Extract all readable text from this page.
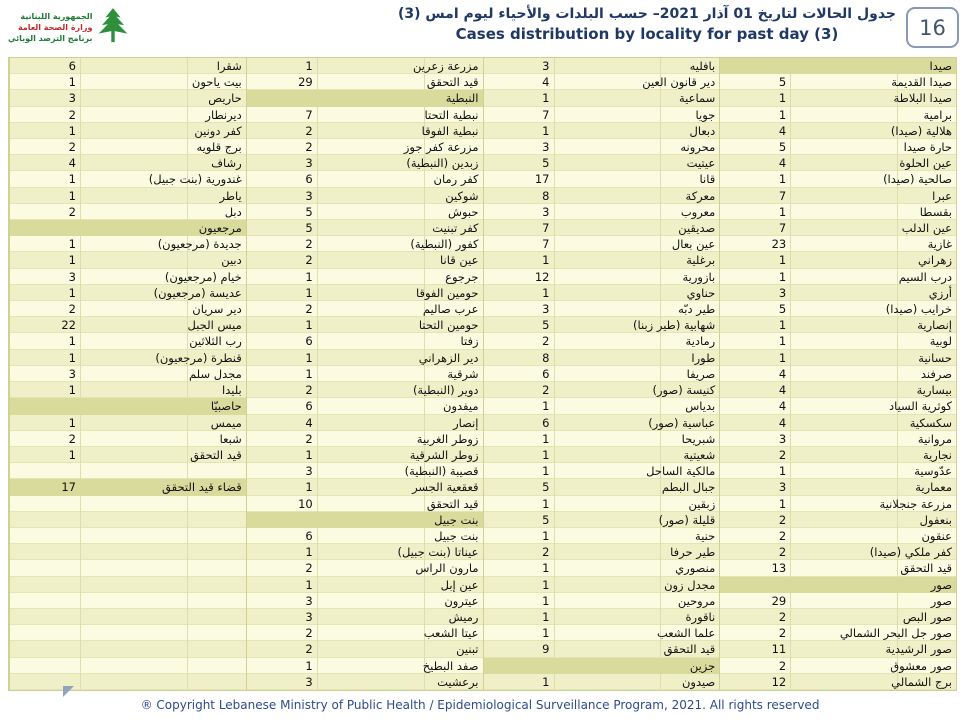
الجمهورية اللبنانية
وزارة الصحة العامة
برنامج الترصد الوبائي
جدول الحالات لتاريخ 01 آذار 2021– حسب البلدات والأحياء ليوم امس (3)
Cases distribution by locality for past day (3)	16
صيدا
5	صيدا القديمة
1	صيدا البلاطة
1	برامية
4	هلالية (صيدا)
5	حارة صيدا
4	عين الحلوة
1	صالحية (صيدا)
7	عبرا
1	بقسطا
7	عين الدلب
23	غازية
1	زهراني
1	درب السيم
3	أرزي
5	خرايب (صيدا)
1	إنصارية
1	لوبية
1	حسانية
4	صرفند
4	بيسارية
4	كوثرية السياد
4	سكسكية
3	مروانية
2	نجارية
1	عدّوسية
3	معمارية
1	مزرعة جنجلانية
2	بنعفول
2	عنقون
2	كفر ملكي (صيدا)
13	قيد التحقق
صور
29	صور
2	صور البص
2	صور جل البحر الشمالي
11	صور الرشيدية
2	صور معشوق
12	برج الشمالي
3	بافليه
4	دير قانون العين
1	سماعية
7	جويا
1	دبعال
3	محرونه
5	عيتيت
17	قانا
8	معركة
3	معروب
7	صديقين
7	عين بعال
1	برغلية
12	بازورية
1	حناوي
3	طير دبّه
5	شهابية (طير زبنا)
2	رمادية
8	طورا
6	صريفا
2	كنيسة (صور)
1	بدياس
6	عباسية (صور)
1	شبريحا
1	شعيتية
1	مالكية الساحل
5	جبال البطم
1	زبقين
5	قليلة (صور)
1	حنية
2	طير حرفا
1	منصوري
1	مجدل زون
1	مروحين
1	ناقورة
1	علما الشعب
9	قيد التحقق
جزين
1	صيدون
1	مزرعة زعرين
29	قيد التحقق
النبطية
7	نبطية التحتا
2	نبطية الفوقا
2	مزرعة كفر جوز
3	زبدين (النبطية)
6	كفر رمان
3	شوكين
5	حبوش
5	كفر تبنيت
2	كفور (النبطية)
2	عين قانا
1	جرجوع
1	حومين الفوقا
2	عرب صاليم
1	حومين التحتا
6	زفتا
1	دير الزهراني
1	شرقية
2	دوير (النبطية)
6	ميفدون
4	إنصار
2	زوطر الغربية
1	زوطر الشرقية
3	قصيبة (النبطية)
1	قعقعية الجسر
10	قيد التحقق
بنت جبيل
6	بنت جبيل
1	عيناتا (بنت جبيل)
2	مارون الراس
1	عين إبل
3	عيترون
3	رميش
2	عيتا الشعب
2	تبنين
1	صفد البطيخ
3	برعشيت
6	شقرا
1	بيت ياحون
3	حاريص
2	ديرنطار
1	كفر دونين
2	برج قلويه
4	رشاف
1	غندورية (بنت جبيل)
1	ياطر
2	دبل
مرجعيون
1	جديدة (مرجعيون)
1	دبين
3	خيام (مرجعيون)
1	عديسة (مرجعيون)
2	دير سريان
22	ميس الجبل
1	رب الثلاثين
1	قنطرة (مرجعيون)
3	مجدل سلم
1	بليدا
حاصبيّا
1	ميمس
2	شبعا
1	قيد التحقق
17	قضاء قيد التحقق
® Copyright Lebanese Ministry of Public Health / Epidemiological Surveillance Program, 2021. All rights reserved
